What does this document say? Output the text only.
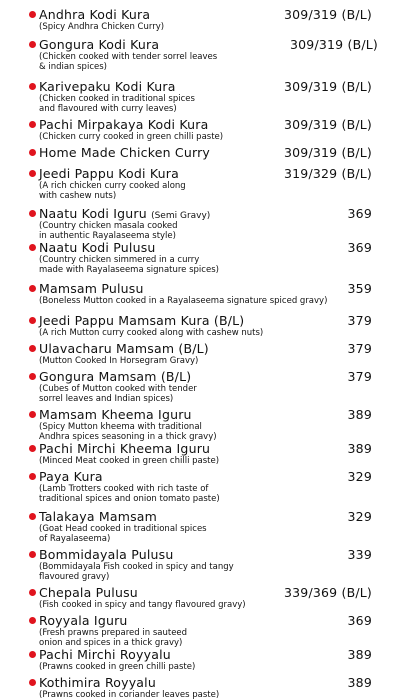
Andhra Kodi Kura	309/319 (B/L)
(Spicy Andhra Chicken Curry)
Gongura Kodi Kura	309/319 (B/L)
(Chicken cooked with tender sorrel leaves
& indian spices)
Karivepaku Kodi Kura	309/319 (B/L)
(Chicken cooked in traditional spices
and flavoured with curry leaves)
Pachi Mirpakaya Kodi Kura	309/319 (B/L)
(Chicken curry cooked in green chilli paste)
Home Made Chicken Curry	309/319 (B/L)
Jeedi Pappu Kodi Kura	319/329 (B/L)
(A rich chicken curry cooked along
with cashew nuts)
Naatu Kodi Iguru (Semi Gravy)	369
(Country chicken masala cooked
in authentic Rayalaseema style)
Naatu Kodi Pulusu	369
(Country chicken simmered in a curry
made with Rayalaseema signature spices)
Mamsam Pulusu	359
(Boneless Mutton cooked in a Rayalaseema signature spiced gravy)
Jeedi Pappu Mamsam Kura (B/L)	379
(A rich Mutton curry cooked along with cashew nuts)
Ulavacharu Mamsam (B/L)	379
(Mutton Cooked In Horsegram Gravy)
Gongura Mamsam (B/L)	379
(Cubes of Mutton cooked with tender
sorrel leaves and Indian spices)
Mamsam Kheema Iguru	389
(Spicy Mutton kheema with traditional
Andhra spices seasoning in a thick gravy)
Pachi Mirchi Kheema Iguru	389
(Minced Meat cooked in green chilli paste)
Paya Kura	329
(Lamb Trotters cooked with rich taste of
traditional spices and onion tomato paste)
Talakaya Mamsam	329
(Goat Head cooked in traditional spices
of Rayalaseema)
Bommidayala Pulusu	339
(Bommidayala Fish cooked in spicy and tangy
flavoured gravy)
Chepala Pulusu	339/369 (B/L)
(Fish cooked in spicy and tangy flavoured gravy)
Royyala Iguru	369
(Fresh prawns prepared in sauteed
onion and spices in a thick gravy)
Pachi Mirchi Royyalu	389
(Prawns cooked in green chilli paste)
Kothimira Royyalu	389
(Prawns cooked in coriander leaves paste)
